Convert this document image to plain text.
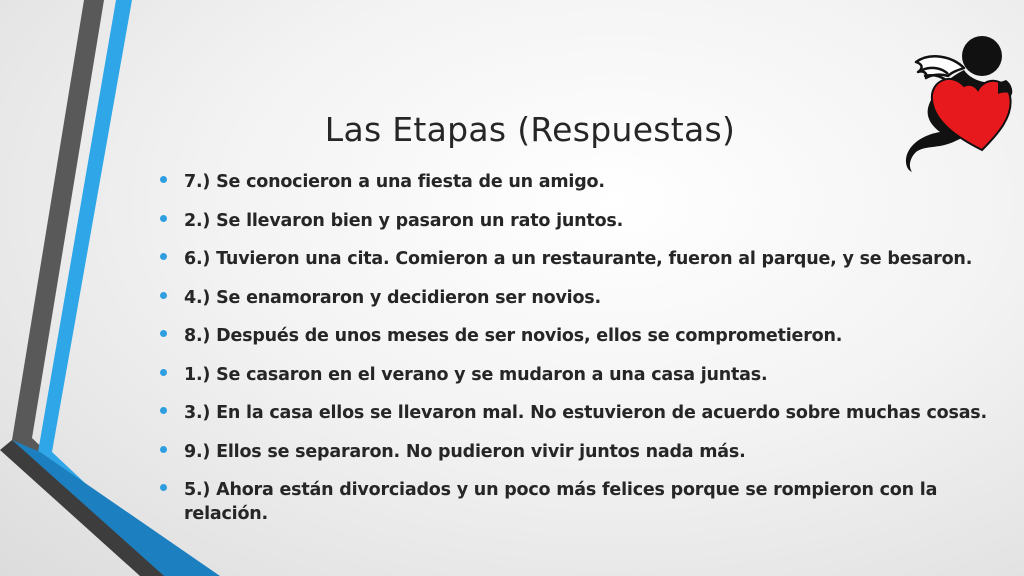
Las Etapas (Respuestas)
7.) Se conocieron a una fiesta de un amigo.
2.) Se llevaron bien y pasaron un rato juntos.
6.) Tuvieron una cita. Comieron a un restaurante, fueron al parque, y se besaron.
4.) Se enamoraron y decidieron ser novios.
8.) Después de unos meses de ser novios, ellos se comprometieron.
1.) Se casaron en el verano y se mudaron a una casa juntas.
3.) En la casa ellos se llevaron mal. No estuvieron de acuerdo sobre muchas cosas.
9.) Ellos se separaron. No pudieron vivir juntos nada más.
5.) Ahora están divorciados y un poco más felices porque se rompieron con la relación.
